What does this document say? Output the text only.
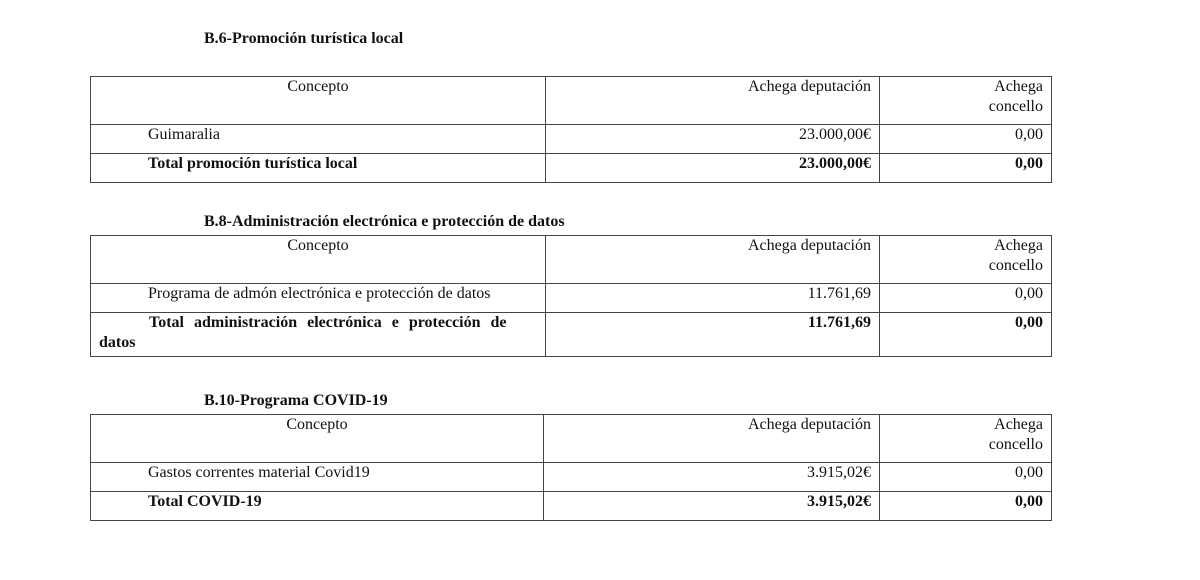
B.6-Promoción turística local
Concepto	Achega deputación	Achega
concello
Guimaralia	23.000,00€	0,00
Total promoción turística local	23.000,00€	0,00
B.8-Administración electrónica e protección de datos
Concepto	Achega deputación	Achega
concello
Programa de admón electrónica e protección de datos	11.761,69	0,00

Total administración electrónica e protección de
datos	11.761,69	0,00
B.10-Programa COVID-19
Concepto	Achega deputación	Achega
concello
Gastos correntes material Covid19	3.915,02€	0,00
Total COVID-19	3.915,02€	0,00
